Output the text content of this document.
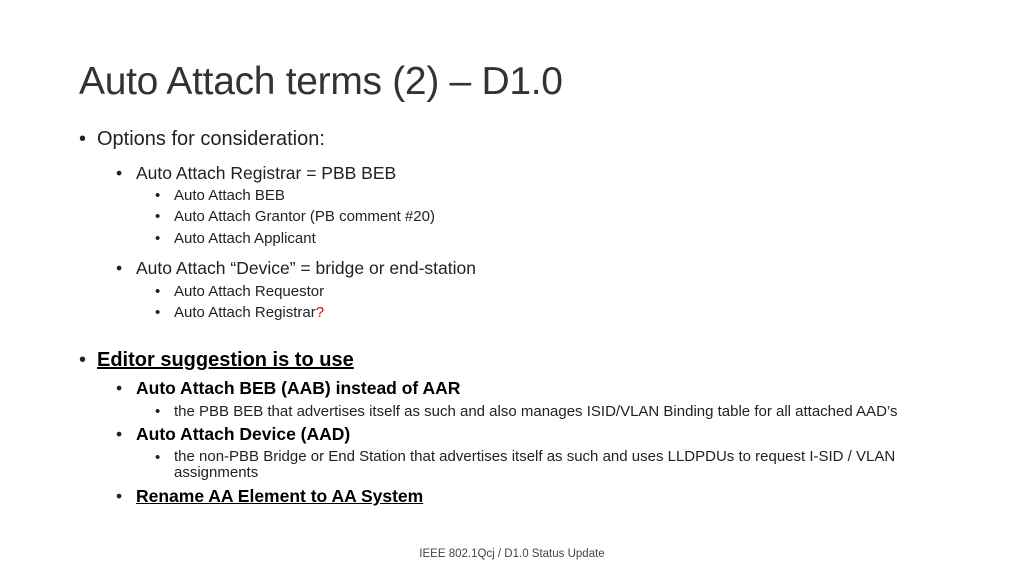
Auto Attach terms (2) – D1.0
• Options for consideration:
• Auto Attach Registrar = PBB BEB
• Auto Attach BEB
• Auto Attach Grantor (PB comment #20)
• Auto Attach Applicant
• Auto Attach “Device” = bridge or end-station
• Auto Attach Requestor
• Auto Attach Registrar?
• Editor suggestion is to use
• Auto Attach BEB (AAB) instead of AAR
• the PBB BEB that advertises itself as such and also manages ISID/VLAN Binding table for all attached AAD’s
• Auto Attach Device (AAD)
• the non-PBB Bridge or End Station that advertises itself as such and uses LLDPDUs to request I-SID / VLAN assignments
• Rename AA Element to AA System
IEEE 802.1Qcj / D1.0 Status Update
